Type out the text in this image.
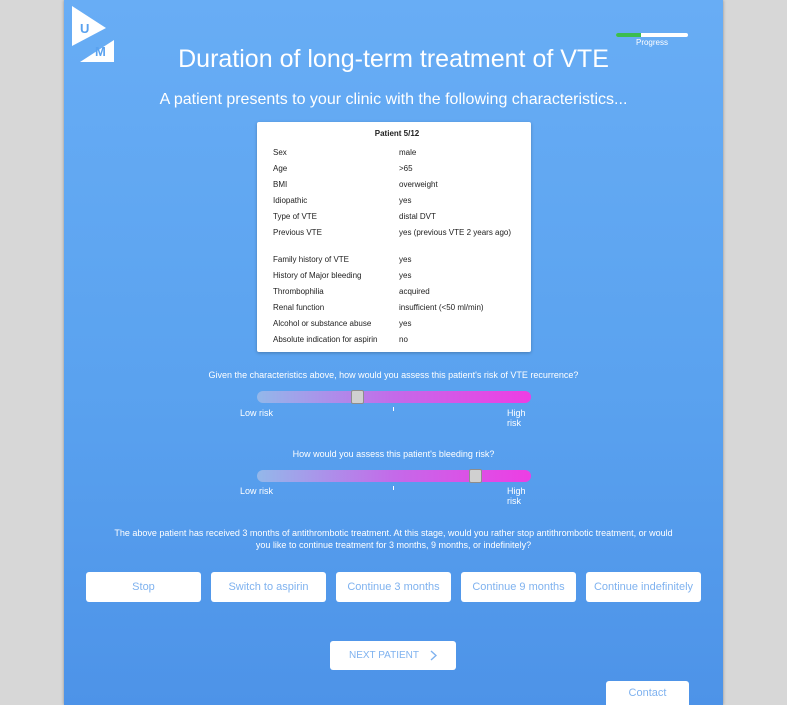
U
M
Progress
Duration of long-term treatment of VTE
A patient presents to your clinic with the following characteristics...
Patient 5/12
Sex	male
Age	>65
BMI	overweight
Idiopathic	yes
Type of VTE	distal DVT
Previous VTE	yes (previous VTE 2 years ago)
Family history of VTE	yes
History of Major bleeding	yes
Thrombophilia	acquired
Renal function	insufficient (<50 ml/min)
Alcohol or substance abuse	yes
Absolute indication for aspirin	no
Given the characteristics above, how would you assess this patient's risk of VTE recurrence?
Low risk	High risk
How would you assess this patient's bleeding risk?
Low risk	High risk
The above patient has received 3 months of antithrombotic treatment. At this stage, would you rather stop antithrombotic treatment, or would
you like to continue treatment for 3 months, 9 months, or indefinitely?
Stop	Switch to aspirin	Continue 3 months	Continue 9 months	Continue indefinitely
NEXT PATIENT
Contact
